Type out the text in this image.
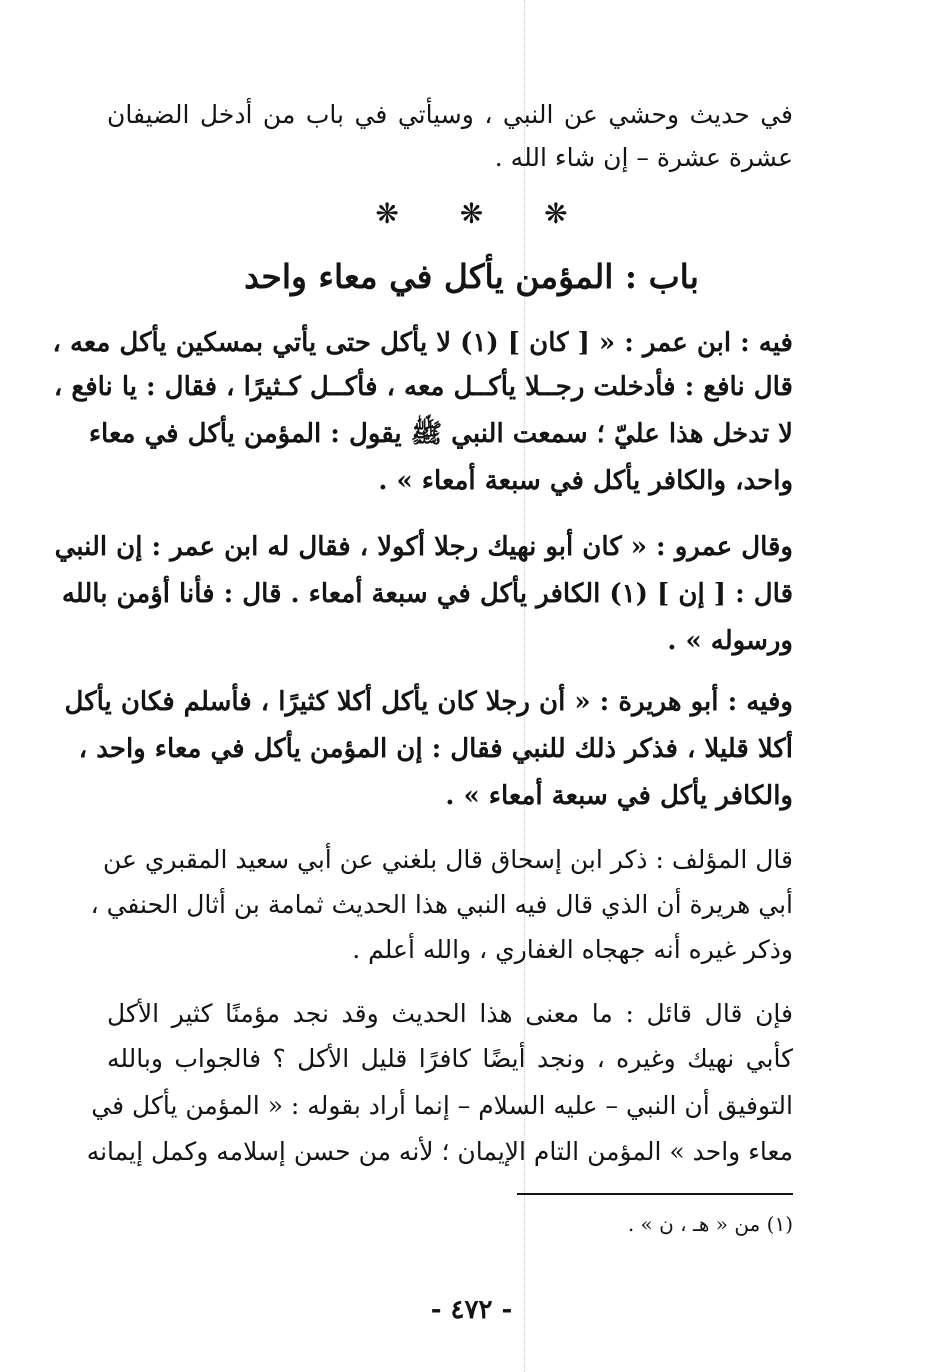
في حديث وحشي عن النبي ، وسيأتي في باب من أدخل الضيفان
عشرة عشرة – إن شاء الله .
❋ ❋ ❋
باب : المؤمن يأكل في معاء واحد
فيه : ابن عمر : « [ كان ] (١) لا يأكل حتى يأتي بمسكين يأكل معه ،
قال نافع : فأدخلت رجــلا يأكــل معه ، فأكــل كـثيرًا ، فقال : يا نافع ،
لا تدخل هذا عليّ ؛ سمعت النبي ﷺ يقول : المؤمن يأكل في معاء
واحد، والكافر يأكل في سبعة أمعاء » .
وقال عمرو : « كان أبو نهيك رجلا أكولا ، فقال له ابن عمر : إن النبي
قال : [ إن ] (١) الكافر يأكل في سبعة أمعاء . قال : فأنا أؤمن بالله
ورسوله » .
وفيه : أبو هريرة : « أن رجلا كان يأكل أكلا كثيرًا ، فأسلم فكان يأكل
أكلا قليلا ، فذكر ذلك للنبي فقال : إن المؤمن يأكل في معاء واحد ،
والكافر يأكل في سبعة أمعاء » .
قال المؤلف : ذكر ابن إسحاق قال بلغني عن أبي سعيد المقبري عن
أبي هريرة أن الذي قال فيه النبي هذا الحديث ثمامة بن أثال الحنفي ،
وذكر غيره أنه جهجاه الغفاري ، والله أعلم .
فإن قال قائل : ما معنى هذا الحديث وقد نجد مؤمنًا كثير الأكل
كأبي نهيك وغيره ، ونجد أيضًا كافرًا قليل الأكل ؟ فالجواب وبالله
التوفيق أن النبي – عليه السلام – إنما أراد بقوله : « المؤمن يأكل في
معاء واحد » المؤمن التام الإيمان ؛ لأنه من حسن إسلامه وكمل إيمانه
(١) من « هـ ، ن » .
- ٤٧٢ -
